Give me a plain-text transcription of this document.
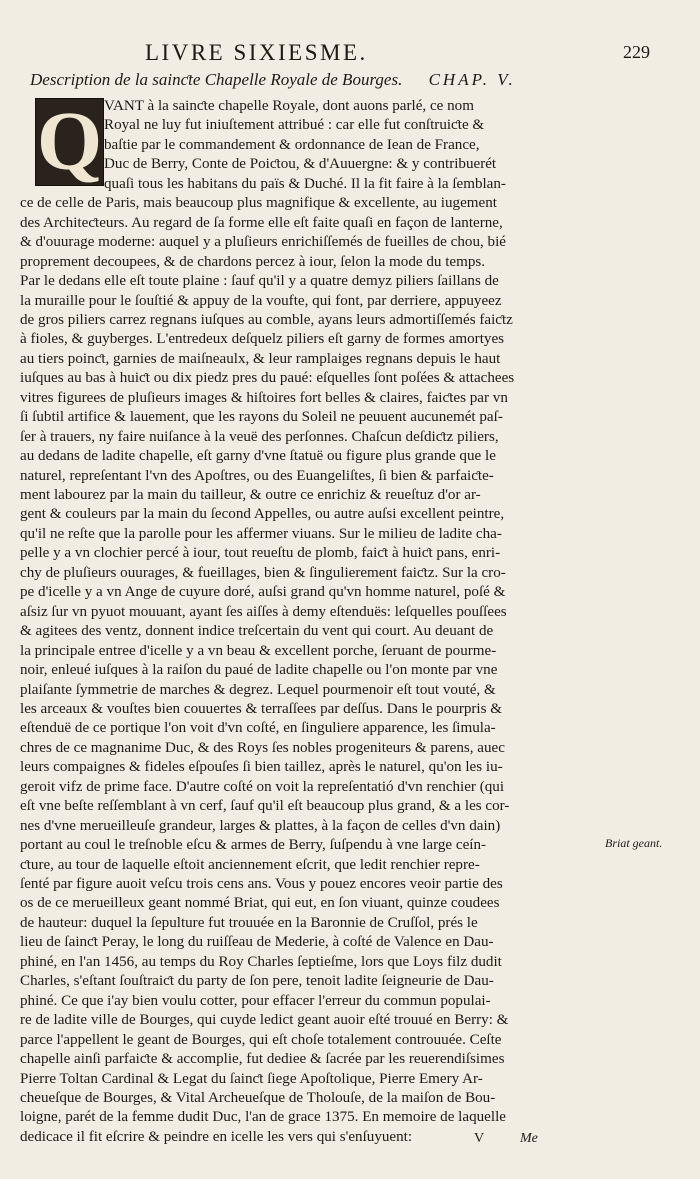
LIVRE SIXIESME.	229
Description de la sainƈte Chapelle Royale de Bourges. CHAP. V.
Q VANT à la sainƈte chapelle Royale, dont auons parlé, ce nom
Royal ne luy fut iniuſtement attribué : car elle fut conſtruiƈte &
baſtie par le commandement & ordonnance de Iean de France,
Duc de Berry, Conte de Poiƈtou, & d'Auuergne: & y contribuerét
quaſi tous les habitans du païs & Duché. Il la fit faire à la ſemblan-
ce de celle de Paris, mais beaucoup plus magnifique & excellente, au iugement
des Architeƈteurs. Au regard de ſa forme elle eſt faite quaſi en façon de lanterne,
& d'ouurage moderne: auquel y a pluſieurs enrichiſſemés de fueilles de chou, bié
proprement decoupees, & de chardons percez à iour, ſelon la mode du temps.
Par le dedans elle eſt toute plaine : ſauf qu'il y a quatre demyz piliers ſaillans de
la muraille pour le ſouſtié & appuy de la voufte, qui font, par derriere, appuyeez
de gros piliers carrez regnans iuſques au comble, ayans leurs admortiſſemés faiƈtz
à fioles, & guyberges. L'entredeux deſquelz piliers eſt garny de formes amortyes
au tiers poinƈt, garnies de maiſneaulx, & leur ramplaiges regnans depuis le haut
iuſques au bas à huiƈt ou dix piedz pres du paué: eſquelles ſont poſées & attachees
vitres figurees de pluſieurs images & hiſtoires fort belles & claires, faiƈtes par vn
ſi ſubtil artifice & lauement, que les rayons du Soleil ne peuuent aucunemét paſ-
ſer à trauers, ny faire nuiſance à la veuë des perſonnes. Chaſcun deſdiƈtz piliers,
au dedans de ladite chapelle, eſt garny d'vne ſtatuë ou figure plus grande que le
naturel, repreſentant l'vn des Apoſtres, ou des Euangeliſtes, ſi bien & parfaiƈte-
ment labourez par la main du tailleur, & outre ce enrichiz & reueſtuz d'or ar-
gent & couleurs par la main du ſecond Appelles, ou autre auſsi excellent peintre,
qu'il ne reſte que la parolle pour les affermer viuans. Sur le milieu de ladite cha-
pelle y a vn clochier percé à iour, tout reueſtu de plomb, faiƈt à huiƈt pans, enri-
chy de pluſieurs ouurages, & fueillages, bien & ſingulierement faiƈtz. Sur la cro-
pe d'icelle y a vn Ange de cuyure doré, auſsi grand qu'vn homme naturel, poſé &
aſsiz ſur vn pyuot mouuant, ayant ſes aiſſes à demy eſtenduës: leſquelles pouſſees
& agitees des ventz, donnent indice treſcertain du vent qui court. Au deuant de
la principale entree d'icelle y a vn beau & excellent porche, ſeruant de pourme-
noir, enleué iuſques à la raiſon du paué de ladite chapelle ou l'on monte par vne
plaiſante ſymmetrie de marches & degrez. Lequel pourmenoir eſt tout vouté, &
les arceaux & vouſtes bien couuertes & terraſſees par deſſus. Dans le pourpris &
eſtenduë de ce portique l'on voit d'vn coſté, en ſinguliere apparence, les ſimula-
chres de ce magnanime Duc, & des Roys ſes nobles progeniteurs & parens, auec
leurs compaignes & fideles eſpouſes ſi bien taillez, après le naturel, qu'on les iu-
geroit vifz de prime face. D'autre coſté on voit la repreſentatió d'vn renchier (qui
eſt vne beſte reſſemblant à vn cerf, ſauf qu'il eſt beaucoup plus grand, & a les cor-
nes d'vne merueilleuſe grandeur, larges & plattes, à la façon de celles d'vn dain)
portant au coul le treſnoble eſcu & armes de Berry, ſuſpendu à vne large ceín-
ƈture, au tour de laquelle eſtoit anciennement eſcrit, que ledit renchier repre-
ſenté par figure auoit veſcu trois cens ans. Vous y pouez encores veoir partie des
os de ce merueilleux geant nommé Briat, qui eut, en ſon viuant, quinze coudees
de hauteur: duquel la ſepulture fut trouuée en la Baronnie de Cruſſol, prés le
lieu de ſainƈt Peray, le long du ruiſſeau de Mederie, à coſté de Valence en Dau-
phiné, en l'an 1456, au temps du Roy Charles ſeptieſme, lors que Loys filz dudit
Charles, s'eſtant ſouſtraiƈt du party de ſon pere, tenoit ladite ſeigneurie de Dau-
phiné. Ce que i'ay bien voulu cotter, pour effacer l'erreur du commun populai-
re de ladite ville de Bourges, qui cuyde ledict geant auoir eſté trouué en Berry: &
parce l'appellent le geant de Bourges, qui eſt choſe totalement controuuée. Ceſte
chapelle ainſi parfaiƈte & accomplie, fut dediee & ſacrée par les reuerendiſsimes
Pierre Toltan Cardinal & Legat du ſainƈt ſiege Apoſtolique, Pierre Emery Ar-
cheueſque de Bourges, & Vital Archeueſque de Tholouſe, de la maiſon de Bou-
loigne, parét de la femme dudit Duc, l'an de grace 1375. En memoire de laquelle
dedicace il fit eſcrire & peindre en icelle les vers qui s'enſuyuent:
Briat geant.
V	Me
